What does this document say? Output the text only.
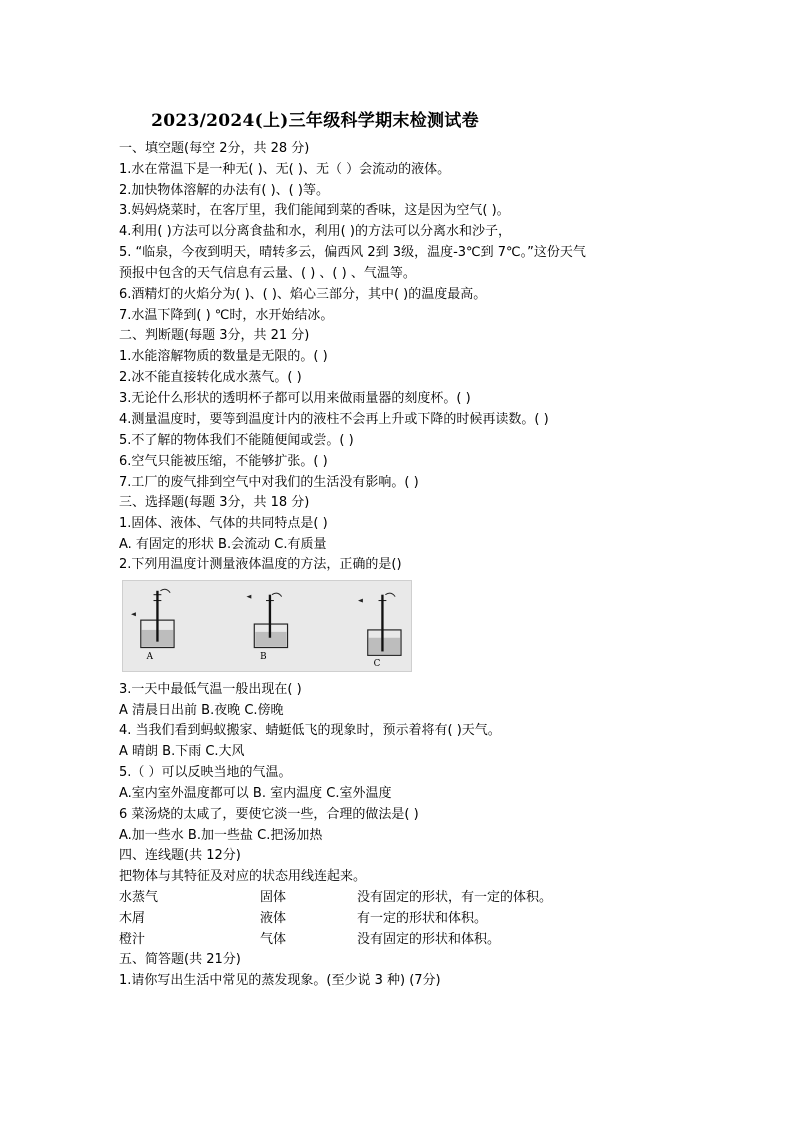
2023/2024(上)三年级科学期末检测试卷
一、填空题(每空 2分，共 28 分)
1.水在常温下是一种无( )、无( )、无（ ）会流动的液体。
2.加快物体溶解的办法有( )、( )等。
3.妈妈烧菜时，在客厅里，我们能闻到菜的香味，这是因为空气( )。
4.利用( )方法可以分离食盐和水，利用( )的方法可以分离水和沙子，
5. “临泉，今夜到明天，晴转多云，偏西风 2到 3级，温度-3℃到 7℃。”这份天气
预报中包含的天气信息有云量、( ) 、( ) 、气温等。
6.酒精灯的火焰分为( )、( )、焰心三部分，其中( )的温度最高。
7.水温下降到( ) ℃时，水开始结冰。
二、判断题(每题 3分，共 21 分)
1.水能溶解物质的数量是无限的。( )
2.冰不能直接转化成水蒸气。( )
3.无论什么形状的透明杯子都可以用来做雨量器的刻度杯。( )
4.测量温度时，要等到温度计内的液柱不会再上升或下降的时候再读数。( )
5.不了解的物体我们不能随便闻或尝。( )
6.空气只能被压缩，不能够扩张。( )
7.工厂的废气排到空气中对我们的生活没有影响。( )
三、选择题(每题 3分，共 18 分)
1.固体、液体、气体的共同特点是( )
A. 有固定的形状 B.会流动 C.有质量
2.下列用温度计测量液体温度的方法，正确的是()
A	B
C
3.一天中最低气温一般出现在( )
A 清晨日出前 B.夜晚 C.傍晚
4. 当我们看到蚂蚁搬家、蜻蜓低飞的现象时，预示着将有( )天气。
A 晴朗 B.下雨 C.大风
5.（ ）可以反映当地的气温。
A.室内室外温度都可以 B. 室内温度 C.室外温度
6 菜汤烧的太咸了，要使它淡一些，合理的做法是( )
A.加一些水 B.加一些盐 C.把汤加热
四、连线题(共 12分)
把物体与其特征及对应的状态用线连起来。
水蒸气	固体	没有固定的形状，有一定的体积。
木屑	液体	有一定的形状和体积。
橙汁	气体	没有固定的形状和体积。
五、简答题(共 21分)
1.请你写出生活中常见的蒸发现象。(至少说 3 种) (7分)
